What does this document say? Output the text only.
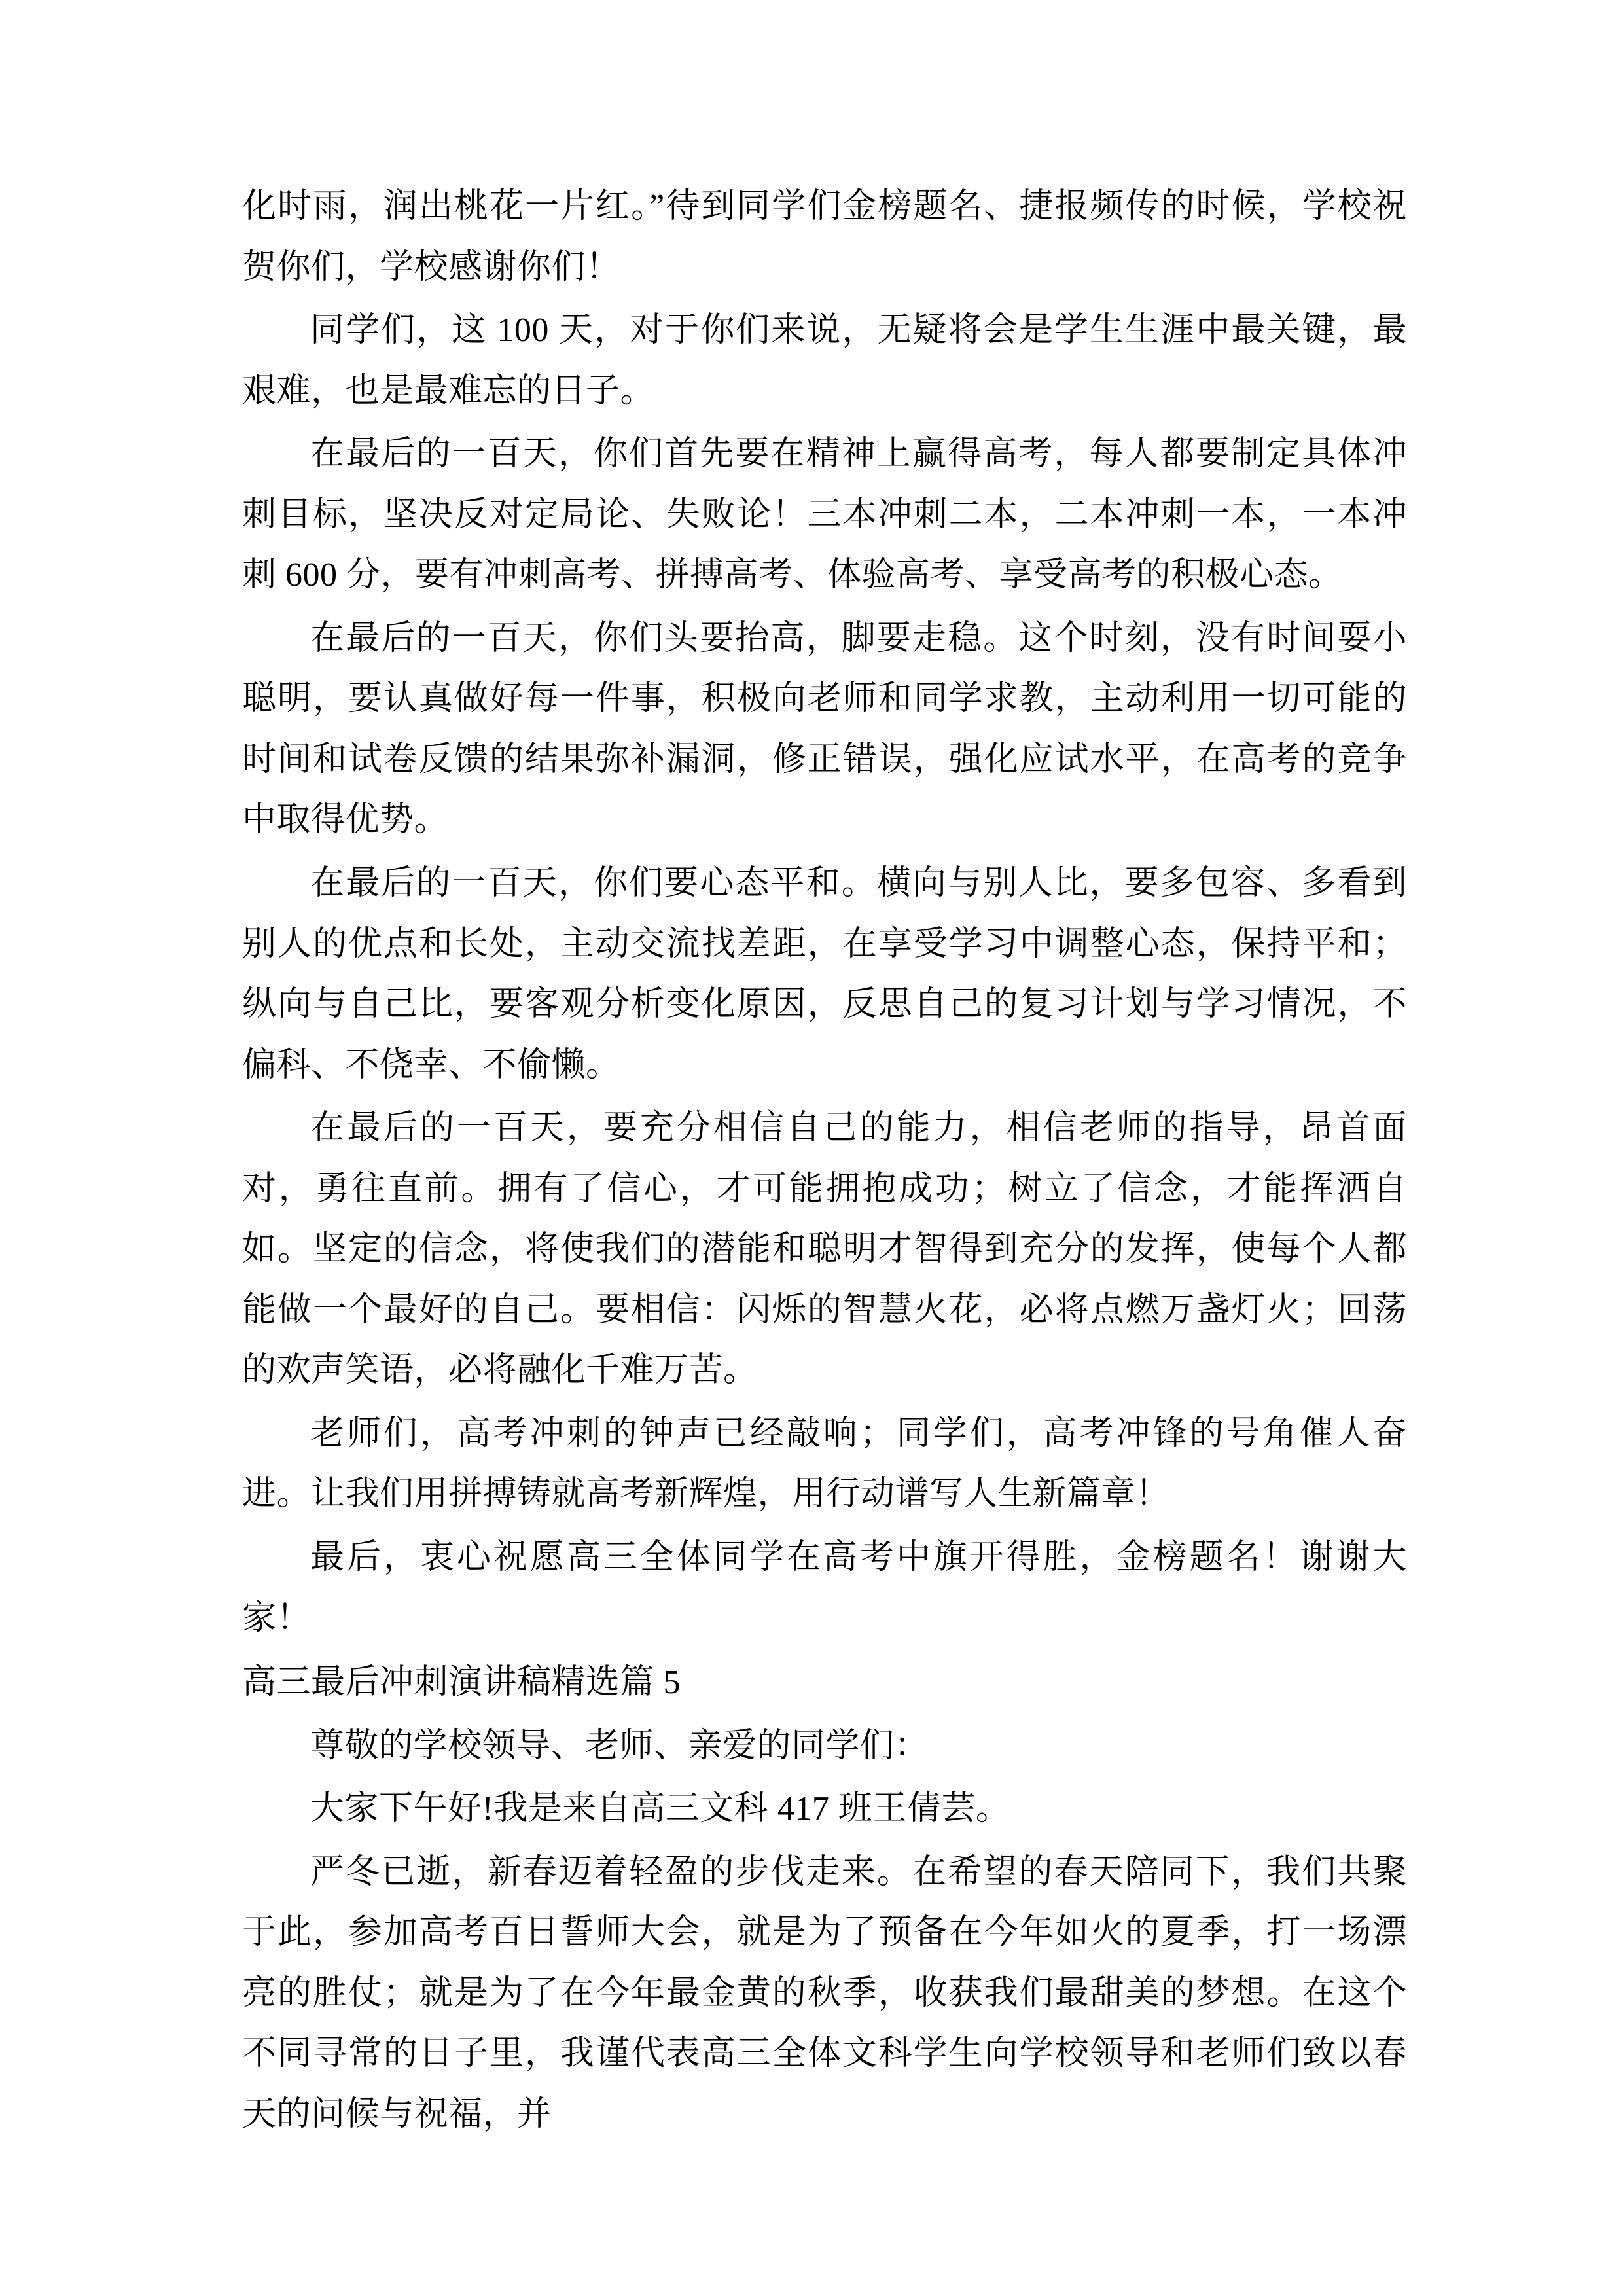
化时雨，润出桃花一片红。”待到同学们金榜题名、捷报频传的时候，学校祝贺你们，学校感谢你们！

同学们，这 100 天，对于你们来说，无疑将会是学生生涯中最关键，最艰难，也是最难忘的日子。

在最后的一百天，你们首先要在精神上赢得高考，每人都要制定具体冲刺目标，坚决反对定局论、失败论！三本冲刺二本，二本冲刺一本，一本冲刺 600 分，要有冲刺高考、拼搏高考、体验高考、享受高考的积极心态。

在最后的一百天，你们头要抬高，脚要走稳。这个时刻，没有时间耍小聪明，要认真做好每一件事，积极向老师和同学求教，主动利用一切可能的时间和试卷反馈的结果弥补漏洞，修正错误，强化应试水平，在高考的竞争中取得优势。

在最后的一百天，你们要心态平和。横向与别人比，要多包容、多看到别人的优点和长处，主动交流找差距，在享受学习中调整心态，保持平和；纵向与自己比，要客观分析变化原因，反思自己的复习计划与学习情况，不偏科、不侥幸、不偷懒。

在最后的一百天，要充分相信自己的能力，相信老师的指导，昂首面对，勇往直前。拥有了信心，才可能拥抱成功；树立了信念，才能挥洒自如。坚定的信念，将使我们的潜能和聪明才智得到充分的发挥，使每个人都能做一个最好的自己。要相信：闪烁的智慧火花，必将点燃万盏灯火；回荡的欢声笑语，必将融化千难万苦。

老师们，高考冲刺的钟声已经敲响；同学们，高考冲锋的号角催人奋进。让我们用拼搏铸就高考新辉煌，用行动谱写人生新篇章！

最后，衷心祝愿高三全体同学在高考中旗开得胜，金榜题名！谢谢大家！

高三最后冲刺演讲稿精选篇 5

尊敬的学校领导、老师、亲爱的同学们：

大家下午好!我是来自高三文科 417 班王倩芸。

严冬已逝，新春迈着轻盈的步伐走来。在希望的春天陪同下，我们共聚于此，参加高考百日誓师大会，就是为了预备在今年如火的夏季，打一场漂亮的胜仗；就是为了在今年最金黄的秋季，收获我们最甜美的梦想。在这个不同寻常的日子里，我谨代表高三全体文科学生向学校领导和老师们致以春天的问候与祝福，并
